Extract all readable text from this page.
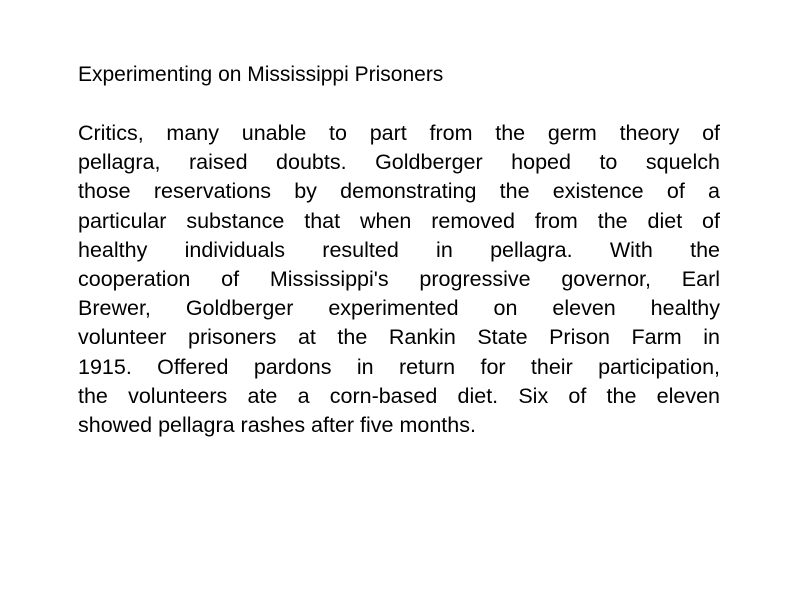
Experimenting on Mississippi Prisoners
Critics, many unable to part from the germ theory of
pellagra, raised doubts. Goldberger hoped to squelch
those reservations by demonstrating the existence of a
particular substance that when removed from the diet of
healthy individuals resulted in pellagra. With the
cooperation of Mississippi's progressive governor, Earl
Brewer, Goldberger experimented on eleven healthy
volunteer prisoners at the Rankin State Prison Farm in
1915. Offered pardons in return for their participation,
the volunteers ate a corn-based diet. Six of the eleven
showed pellagra rashes after five months.
